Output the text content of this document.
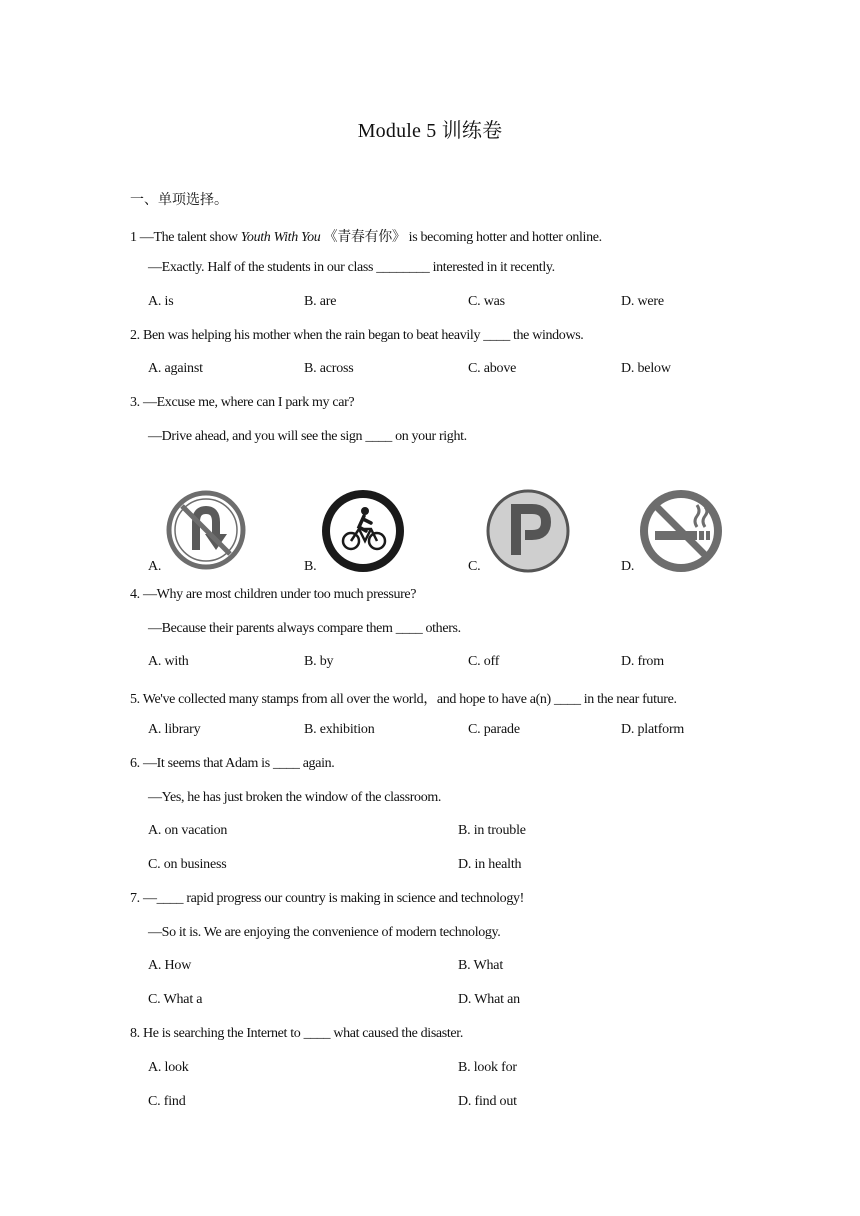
Module 5 训练卷
一、单项选择。
1 —The talent show Youth With You 《青春有你》 is becoming hotter and hotter online.
—Exactly. Half of the students in our class ________ interested in it recently.
A. is	B. are	C. was	D. were
2. Ben was helping his mother when the rain began to beat heavily ____ the windows.
A. against	B. across	C. above	D. below
3. —Excuse me, where can I park my car?
—Drive ahead, and you will see the sign ____ on your right.
A.	B.	C.	D.
4. —Why are most children under too much pressure?
—Because their parents always compare them ____ others.
A. with	B. by	C. off	D. from
5. We've collected many stamps from all over the world，and hope to have a(n) ____ in the near future.
A. library	B. exhibition	C. parade	D. platform
6. —It seems that Adam is ____ again.
—Yes, he has just broken the window of the classroom.
A. on vacation	B. in trouble
C. on business	D. in health
7. —____ rapid progress our country is making in science and technology!
—So it is. We are enjoying the convenience of modern technology.
A. How	B. What
C. What a	D. What an
8. He is searching the Internet to ____ what caused the disaster.
A. look	B. look for
C. find	D. find out
